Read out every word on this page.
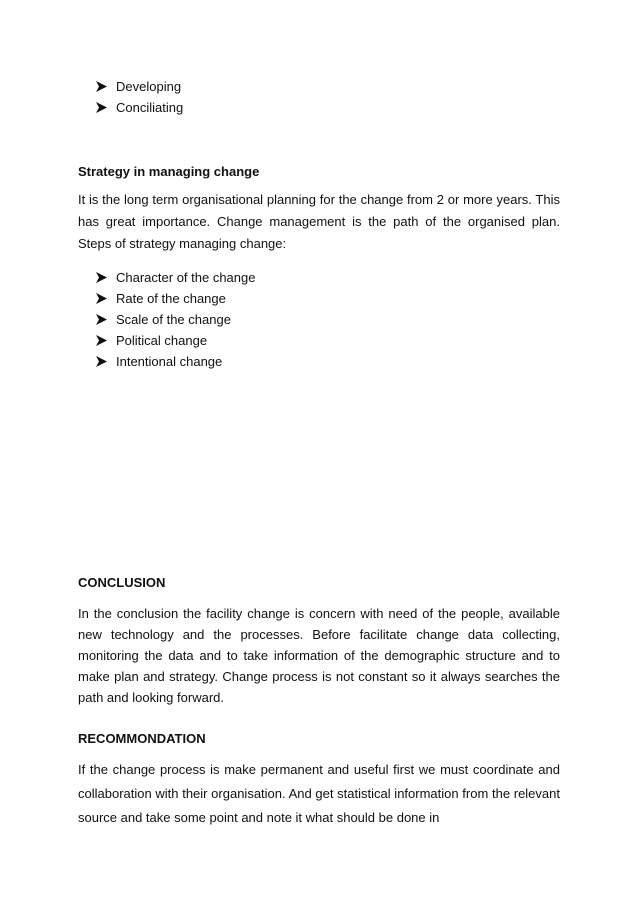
Developing
Conciliating
Strategy in managing change

It is the long term organisational planning for the change from 2 or more years. This has great importance. Change management is the path of the organised plan. Steps of strategy managing change:

Character of the change
Rate of the change
Scale of the change
Political change
Intentional change
CONCLUSION

In the conclusion the facility change is concern with need of the people, available new technology and the processes. Before facilitate change data collecting, monitoring the data and to take information of the demographic structure and to make plan and strategy. Change process is not constant so it always searches the path and looking forward.

RECOMMONDATION

If the change process is make permanent and useful first we must coordinate and collaboration with their organisation. And get statistical information from the relevant source and take some point and note it what should be done in
